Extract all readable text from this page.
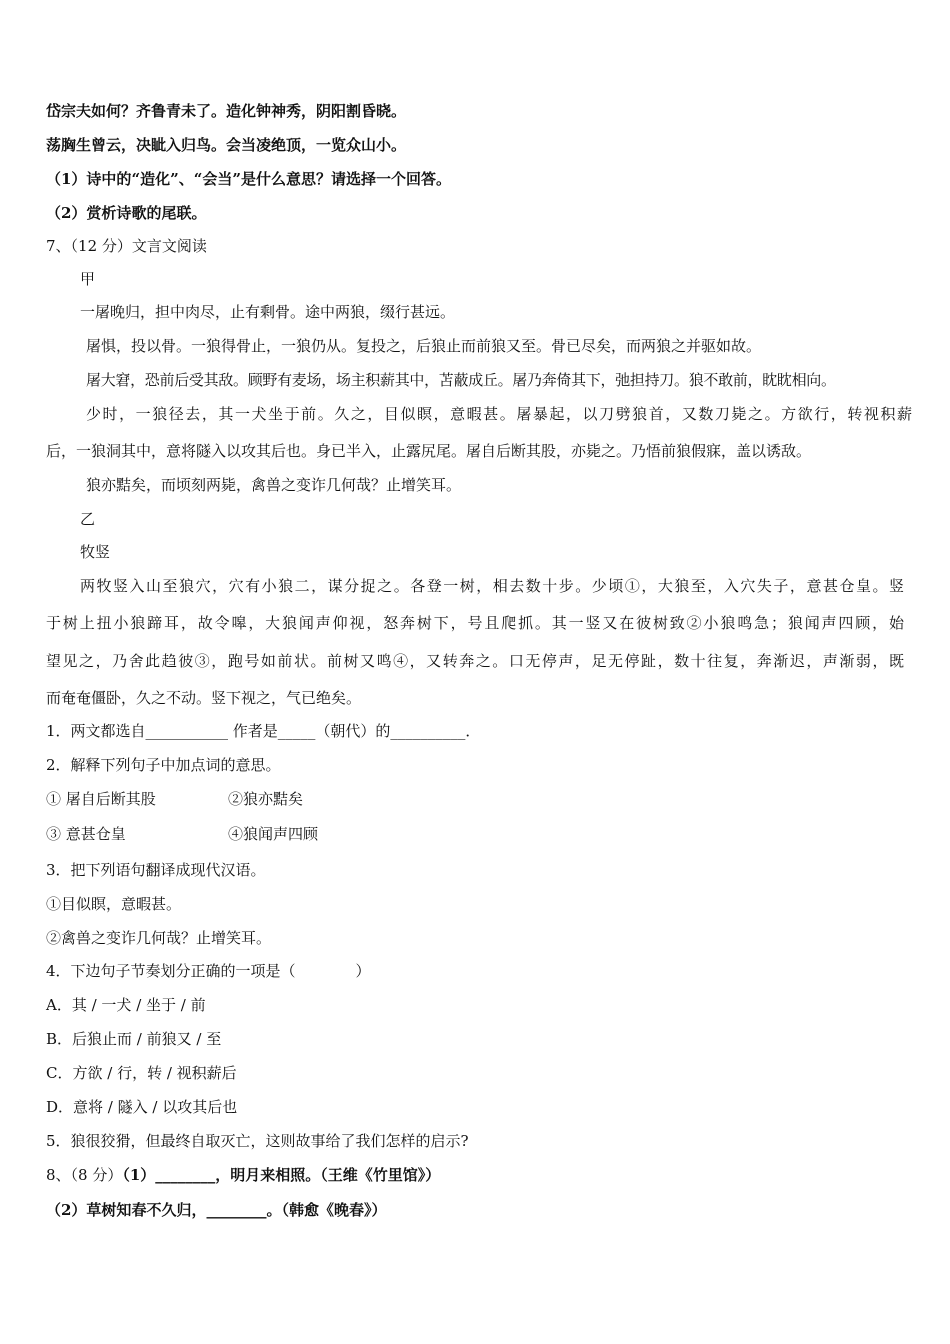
岱宗夫如何？齐鲁青未了。造化钟神秀，阴阳割昏晓。
荡胸生曾云，决眦入归鸟。会当凌绝顶，一览众山小。
（1）诗中的“造化”、“会当”是什么意思？请选择一个回答。
（2）赏析诗歌的尾联。
7、（12 分）文言文阅读
甲
一屠晚归，担中肉尽，止有剩骨。途中两狼，缀行甚远。
屠惧，投以骨。一狼得骨止，一狼仍从。复投之，后狼止而前狼又至。骨已尽矣，而两狼之并驱如故。
屠大窘，恐前后受其敌。顾野有麦场，场主积薪其中，苫蔽成丘。屠乃奔倚其下，弛担持刀。狼不敢前，眈眈相向。
少时，一狼径去，其一犬坐于前。久之，目似瞑，意暇甚。屠暴起，以刀劈狼首，又数刀毙之。方欲行，转视积薪
后，一狼洞其中，意将隧入以攻其后也。身已半入，止露尻尾。屠自后断其股，亦毙之。乃悟前狼假寐，盖以诱敌。
狼亦黠矣，而顷刻两毙，禽兽之变诈几何哉？止增笑耳。
乙
牧竖
两牧竖入山至狼穴，穴有小狼二，谋分捉之。各登一树，相去数十步。少顷①，大狼至，入穴失子，意甚仓皇。竖
于树上扭小狼蹄耳，故令嗥，大狼闻声仰视，怒奔树下，号且爬抓。其一竖又在彼树致②小狼鸣急；狼闻声四顾，始
望见之，乃舍此趋彼③，跑号如前状。前树又鸣④，又转奔之。口无停声，足无停趾，数十往复，奔渐迟，声渐弱，既
而奄奄僵卧，久之不动。竖下视之，气已绝矣。
1．两文都选自___________ 作者是_____（朝代）的__________．
2．解释下列句子中加点词的意思。
① 屠自后断其股	②狼亦黠矣
③ 意甚仓皇	④狼闻声四顾
3．把下列语句翻译成现代汉语。
①目似瞑，意暇甚。
②禽兽之变诈几何哉？止增笑耳。
4．下边句子节奏划分正确的一项是（　　　　）
A．其 / 一犬 / 坐于 / 前
B．后狼止而 / 前狼又 / 至
C．方欲 / 行，转 / 视积薪后
D．意将 / 隧入 / 以攻其后也
5．狼很狡猾，但最终自取灭亡，这则故事给了我们怎样的启示?
8、（8 分）（1）________，明月来相照。（王维《竹里馆》）
（2）草树知春不久归，________。（韩愈《晚春》）
